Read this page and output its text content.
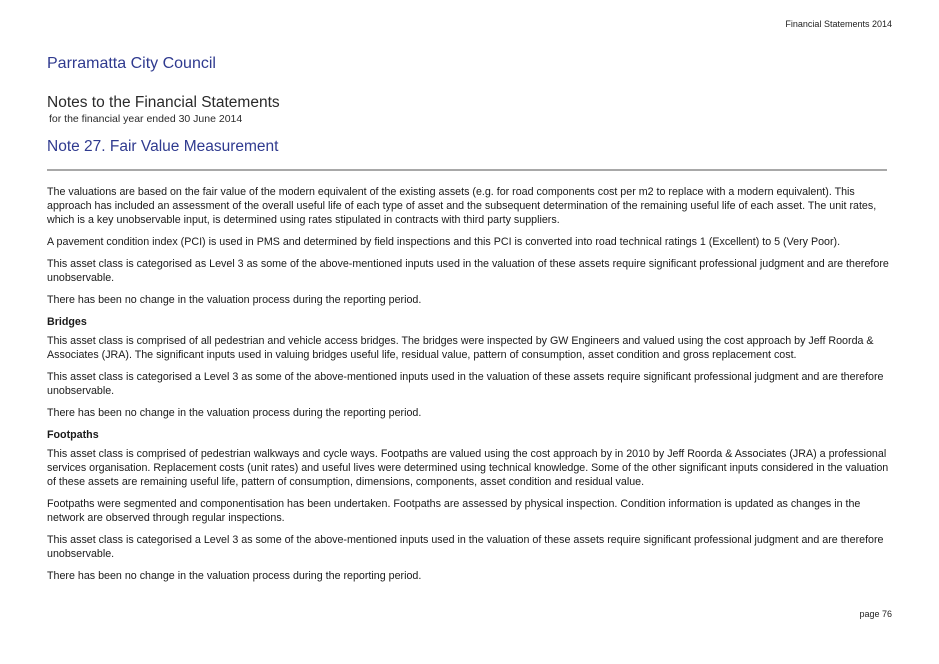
Financial Statements 2014
Parramatta City Council
Notes to the Financial Statements
for the financial year ended 30 June 2014
Note 27. Fair Value Measurement

The valuations are based on the fair value of the modern equivalent of the existing assets (e.g. for road components cost per m2 to replace with a modern equivalent). This approach has included an assessment of the overall useful life of each type of asset and the subsequent determination of the remaining useful life of each asset. The unit rates, which is a key unobservable input, is determined using rates stipulated in contracts with third party suppliers.

A pavement condition index (PCI) is used in PMS and determined by field inspections and this PCI is converted into road technical ratings 1 (Excellent) to 5 (Very Poor).

This asset class is categorised as Level 3 as some of the above-mentioned inputs used in the valuation of these assets require significant professional judgment and are therefore unobservable.

There has been no change in the valuation process during the reporting period.

Bridges

This asset class is comprised of all pedestrian and vehicle access bridges. The bridges were inspected by GW Engineers and valued using the cost approach by Jeff Roorda & Associates (JRA). The significant inputs used in valuing bridges useful life, residual value, pattern of consumption, asset condition and gross replacement cost.

This asset class is categorised a Level 3 as some of the above-mentioned inputs used in the valuation of these assets require significant professional judgment and are therefore unobservable.

There has been no change in the valuation process during the reporting period.

Footpaths

This asset class is comprised of pedestrian walkways and cycle ways. Footpaths are valued using the cost approach by in 2010 by Jeff Roorda & Associates (JRA) a professional services organisation. Replacement costs (unit rates) and useful lives were determined using technical knowledge. Some of the other significant inputs considered in the valuation of these assets are remaining useful life, pattern of consumption, dimensions, components, asset condition and residual value.

Footpaths were segmented and componentisation has been undertaken. Footpaths are assessed by physical inspection. Condition information is updated as changes in the network are observed through regular inspections.

This asset class is categorised a Level 3 as some of the above-mentioned inputs used in the valuation of these assets require significant professional judgment and are therefore unobservable.

There has been no change in the valuation process during the reporting period.

page 76
